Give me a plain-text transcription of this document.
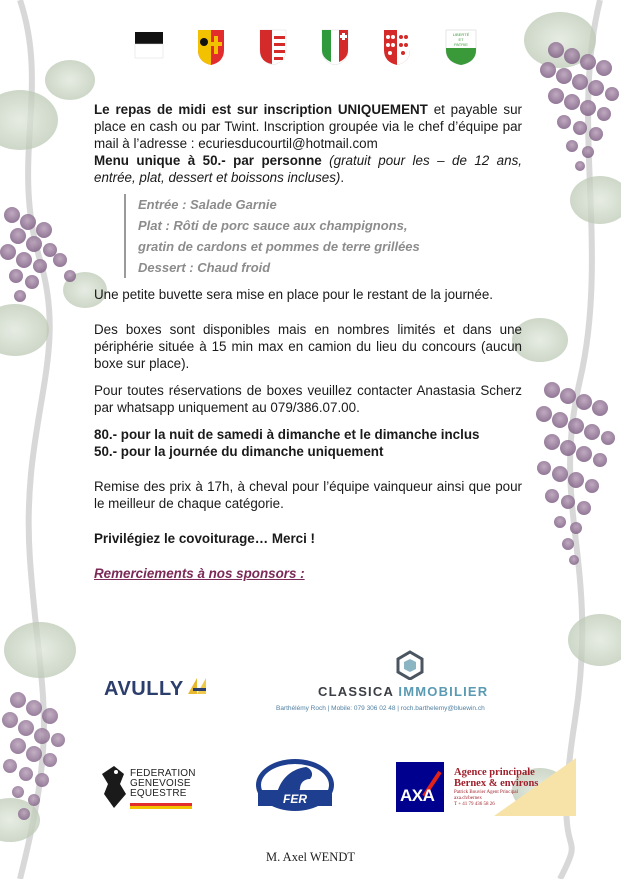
LIBERTÉ
ET
PATRIE

Le repas de midi est sur inscription UNIQUEMENT et payable sur place en cash ou par Twint. Inscription groupée via le chef d’équipe par mail à l’adresse : ecuriesducourtil@hotmail.com

Menu unique à 50.- par personne (gratuit pour les – de 12 ans, entrée, plat, dessert et boissons incluses).

Entrée : Salade Garnie
Plat : Rôti de porc sauce aux champignons,
gratin de cardons et pommes de terre grillées
Dessert : Chaud froid

Une petite buvette sera mise en place pour le restant de la journée.

Des boxes sont disponibles mais en nombres limités et dans une périphérie située à 15 min max en camion du lieu du concours (aucun boxe sur place).

Pour toutes réservations de boxes veuillez contacter Anastasia Scherz par whatsapp uniquement au 079/386.07.00.

80.- pour la nuit de samedi à dimanche et le dimanche inclus

50.- pour la journée du dimanche uniquement

Remise des prix à 17h, à cheval pour l’équipe vainqueur ainsi que pour le meilleur de chaque catégorie.

Privilégiez le covoiturage… Merci !

Remerciements à nos sponsors :

AVULLY	CLASSICA IMMOBILIER
Barthélémy Roch | Mobile: 079 306 02 48 | roch.barthelemy@bluewin.ch
FEDERATION
GENEVOISE
EQUESTRE	FER	AXA
Agence principale
Bernex & environs
Patrick Bouvier Agent Principal
axa.ch/bernex
T + 41 79 436 58 26
M. Axel WENDT
